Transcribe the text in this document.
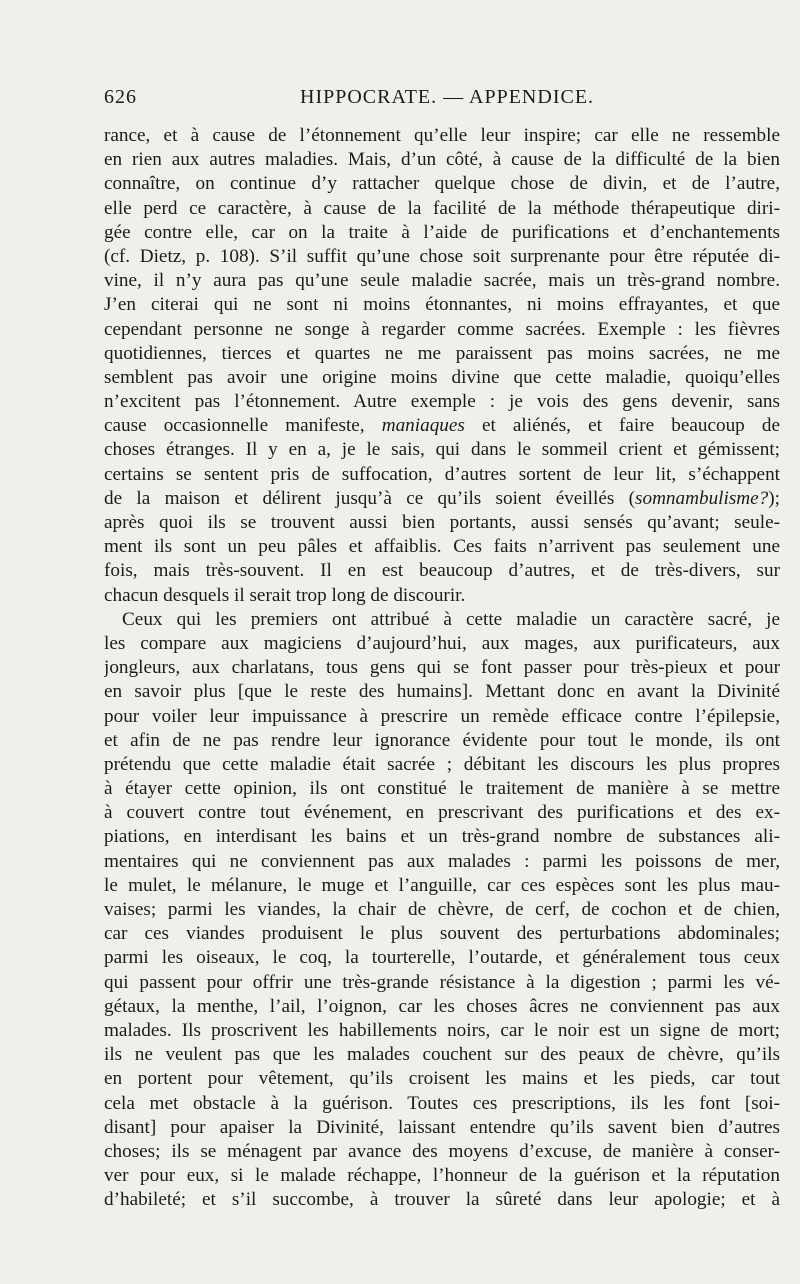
626	HIPPOCRATE. — APPENDICE.
rance, et à cause de l’étonnement qu’elle leur inspire; car elle ne ressemble
en rien aux autres maladies. Mais, d’un côté, à cause de la difficulté de la bien
connaître, on continue d’y rattacher quelque chose de divin, et de l’autre,
elle perd ce caractère, à cause de la facilité de la méthode thérapeutique diri-
gée contre elle, car on la traite à l’aide de purifications et d’enchantements
(cf. Dietz, p. 108). S’il suffit qu’une chose soit surprenante pour être réputée di-
vine, il n’y aura pas qu’une seule maladie sacrée, mais un très-grand nombre.
J’en citerai qui ne sont ni moins étonnantes, ni moins effrayantes, et que
cependant personne ne songe à regarder comme sacrées. Exemple : les fièvres
quotidiennes, tierces et quartes ne me paraissent pas moins sacrées, ne me
semblent pas avoir une origine moins divine que cette maladie, quoiqu’elles
n’excitent pas l’étonnement. Autre exemple : je vois des gens devenir, sans
cause occasionnelle manifeste, maniaques et aliénés, et faire beaucoup de
choses étranges. Il y en a, je le sais, qui dans le sommeil crient et gémissent;
certains se sentent pris de suffocation, d’autres sortent de leur lit, s’échappent
de la maison et délirent jusqu’à ce qu’ils soient éveillés (somnambulisme?);
après quoi ils se trouvent aussi bien portants, aussi sensés qu’avant; seule-
ment ils sont un peu pâles et affaiblis. Ces faits n’arrivent pas seulement une
fois, mais très-souvent. Il en est beaucoup d’autres, et de très-divers, sur
chacun desquels il serait trop long de discourir.
Ceux qui les premiers ont attribué à cette maladie un caractère sacré, je
les compare aux magiciens d’aujourd’hui, aux mages, aux purificateurs, aux
jongleurs, aux charlatans, tous gens qui se font passer pour très-pieux et pour
en savoir plus [que le reste des humains]. Mettant donc en avant la Divinité
pour voiler leur impuissance à prescrire un remède efficace contre l’épilepsie,
et afin de ne pas rendre leur ignorance évidente pour tout le monde, ils ont
prétendu que cette maladie était sacrée ; débitant les discours les plus propres
à étayer cette opinion, ils ont constitué le traitement de manière à se mettre
à couvert contre tout événement, en prescrivant des purifications et des ex-
piations, en interdisant les bains et un très-grand nombre de substances ali-
mentaires qui ne conviennent pas aux malades : parmi les poissons de mer,
le mulet, le mélanure, le muge et l’anguille, car ces espèces sont les plus mau-
vaises; parmi les viandes, la chair de chèvre, de cerf, de cochon et de chien,
car ces viandes produisent le plus souvent des perturbations abdominales;
parmi les oiseaux, le coq, la tourterelle, l’outarde, et généralement tous ceux
qui passent pour offrir une très-grande résistance à la digestion ; parmi les vé-
gétaux, la menthe, l’ail, l’oignon, car les choses âcres ne conviennent pas aux
malades. Ils proscrivent les habillements noirs, car le noir est un signe de mort;
ils ne veulent pas que les malades couchent sur des peaux de chèvre, qu’ils
en portent pour vêtement, qu’ils croisent les mains et les pieds, car tout
cela met obstacle à la guérison. Toutes ces prescriptions, ils les font [soi-
disant] pour apaiser la Divinité, laissant entendre qu’ils savent bien d’autres
choses; ils se ménagent par avance des moyens d’excuse, de manière à conser-
ver pour eux, si le malade réchappe, l’honneur de la guérison et la réputation
d’habileté; et s’il succombe, à trouver la sûreté dans leur apologie; et à
